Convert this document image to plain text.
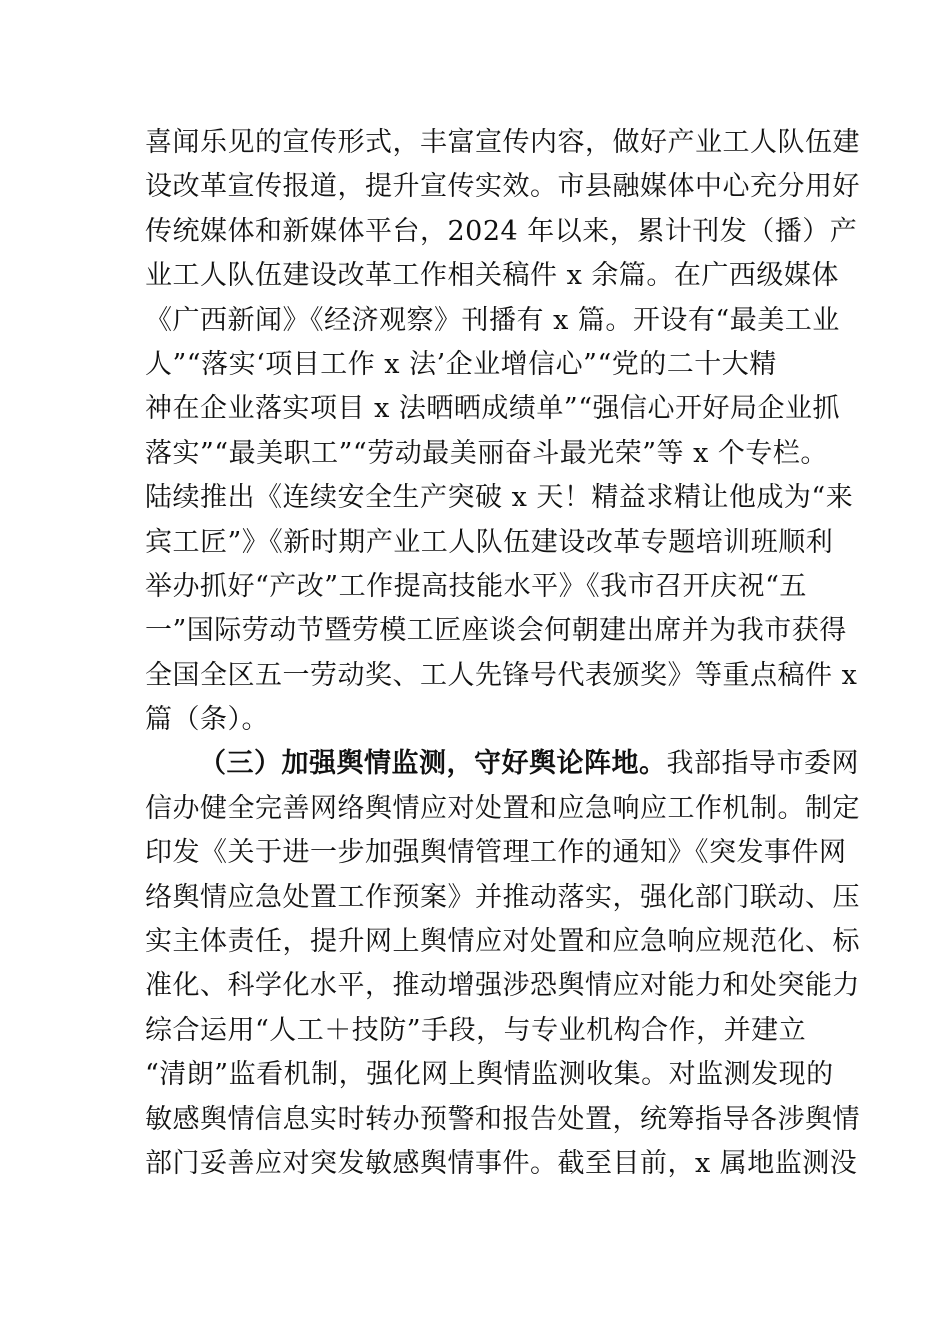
喜闻乐见的宣传形式，丰富宣传内容，做好产业工人队伍建
设改革宣传报道，提升宣传实效。市县融媒体中心充分用好
传统媒体和新媒体平台，2024 年以来，累计刊发（播）产
业工人队伍建设改革工作相关稿件 x 余篇。在广西级媒体
《广西新闻》《经济观察》刊播有 x 篇。开设有“最美工业
人”“落实‘项目工作 x 法’企业增信心”“党的二十大精
神在企业落实项目 x 法晒晒成绩单”“强信心开好局企业抓
落实”“最美职工”“劳动最美丽奋斗最光荣”等 x 个专栏。
陆续推出《连续安全生产突破 x 天！精益求精让他成为“来
宾工匠”》《新时期产业工人队伍建设改革专题培训班顺利
举办抓好“产改”工作提高技能水平》《我市召开庆祝“五
一”国际劳动节暨劳模工匠座谈会何朝建出席并为我市获得
全国全区五一劳动奖、工人先锋号代表颁奖》等重点稿件 x
篇（条）。
（三）加强舆情监测，守好舆论阵地。我部指导市委网
信办健全完善网络舆情应对处置和应急响应工作机制。制定
印发《关于进一步加强舆情管理工作的通知》《突发事件网
络舆情应急处置工作预案》并推动落实，强化部门联动、压
实主体责任，提升网上舆情应对处置和应急响应规范化、标
准化、科学化水平，推动增强涉恐舆情应对能力和处突能力
综合运用“人工＋技防”手段，与专业机构合作，并建立
“清朗”监看机制，强化网上舆情监测收集。对监测发现的
敏感舆情信息实时转办预警和报告处置，统筹指导各涉舆情
部门妥善应对突发敏感舆情事件。截至目前，x 属地监测没
